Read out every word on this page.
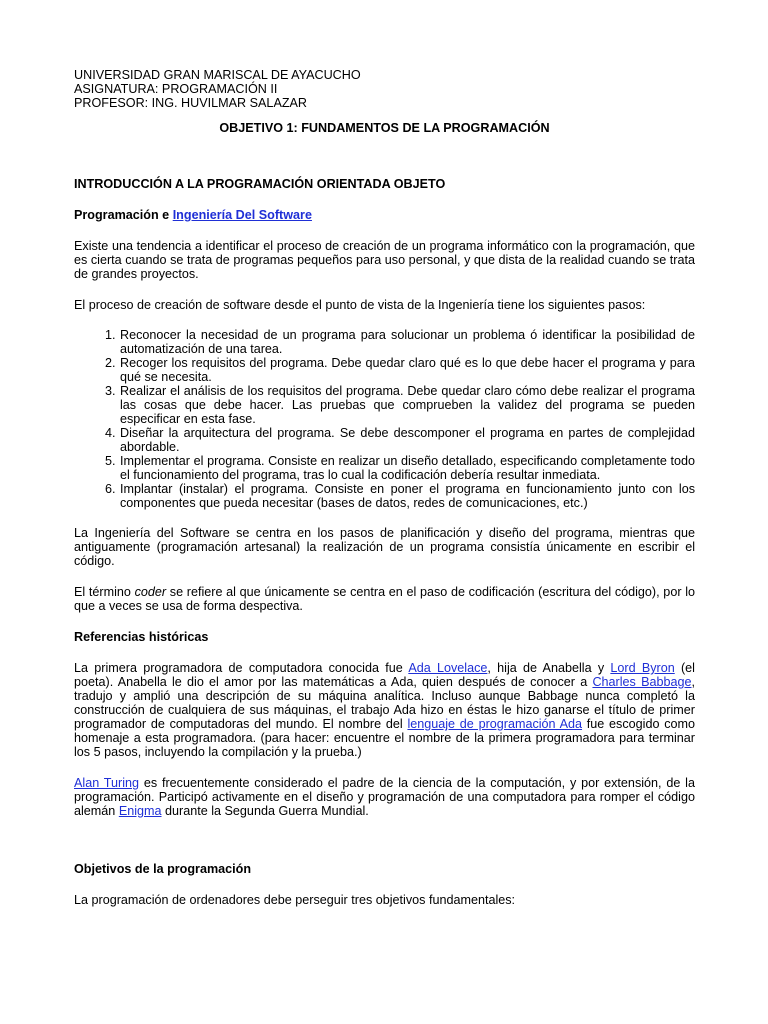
UNIVERSIDAD GRAN MARISCAL DE AYACUCHO
ASIGNATURA: PROGRAMACIÓN II
PROFESOR: ING. HUVILMAR SALAZAR
OBJETIVO 1: FUNDAMENTOS DE LA PROGRAMACIÓN
INTRODUCCIÓN A LA PROGRAMACIÓN ORIENTADA OBJETO
Programación e Ingeniería Del Software

Existe una tendencia a identificar el proceso de creación de un programa informático con la programación, que es cierta cuando se trata de programas pequeños para uso personal, y que dista de la realidad cuando se trata de grandes proyectos.

El proceso de creación de software desde el punto de vista de la Ingeniería tiene los siguientes pasos:

1. Reconocer la necesidad de un programa para solucionar un problema ó identificar la posibilidad de automatización de una tarea.
2. Recoger los requisitos del programa. Debe quedar claro qué es lo que debe hacer el programa y para qué se necesita.
3. Realizar el análisis de los requisitos del programa. Debe quedar claro cómo debe realizar el programa las cosas que debe hacer. Las pruebas que comprueben la validez del programa se pueden especificar en esta fase.
4. Diseñar la arquitectura del programa. Se debe descomponer el programa en partes de complejidad abordable.
5. Implementar el programa. Consiste en realizar un diseño detallado, especificando completamente todo el funcionamiento del programa, tras lo cual la codificación debería resultar inmediata.
6. Implantar (instalar) el programa. Consiste en poner el programa en funcionamiento junto con los componentes que pueda necesitar (bases de datos, redes de comunicaciones, etc.)

La Ingeniería del Software se centra en los pasos de planificación y diseño del programa, mientras que antiguamente (programación artesanal) la realización de un programa consistía únicamente en escribir el código.

El término coder se refiere al que únicamente se centra en el paso de codificación (escritura del código), por lo que a veces se usa de forma despectiva.

Referencias históricas

La primera programadora de computadora conocida fue Ada Lovelace, hija de Anabella y Lord Byron (el poeta). Anabella le dio el amor por las matemáticas a Ada, quien después de conocer a Charles Babbage, tradujo y amplió una descripción de su máquina analítica. Incluso aunque Babbage nunca completó la construcción de cualquiera de sus máquinas, el trabajo Ada hizo en éstas le hizo ganarse el título de primer programador de computadoras del mundo. El nombre del lenguaje de programación Ada fue escogido como homenaje a esta programadora. (para hacer: encuentre el nombre de la primera programadora para terminar los 5 pasos, incluyendo la compilación y la prueba.)

Alan Turing es frecuentemente considerado el padre de la ciencia de la computación, y por extensión, de la programación. Participó activamente en el diseño y programación de una computadora para romper el código alemán Enigma durante la Segunda Guerra Mundial.

Objetivos de la programación

La programación de ordenadores debe perseguir tres objetivos fundamentales:
